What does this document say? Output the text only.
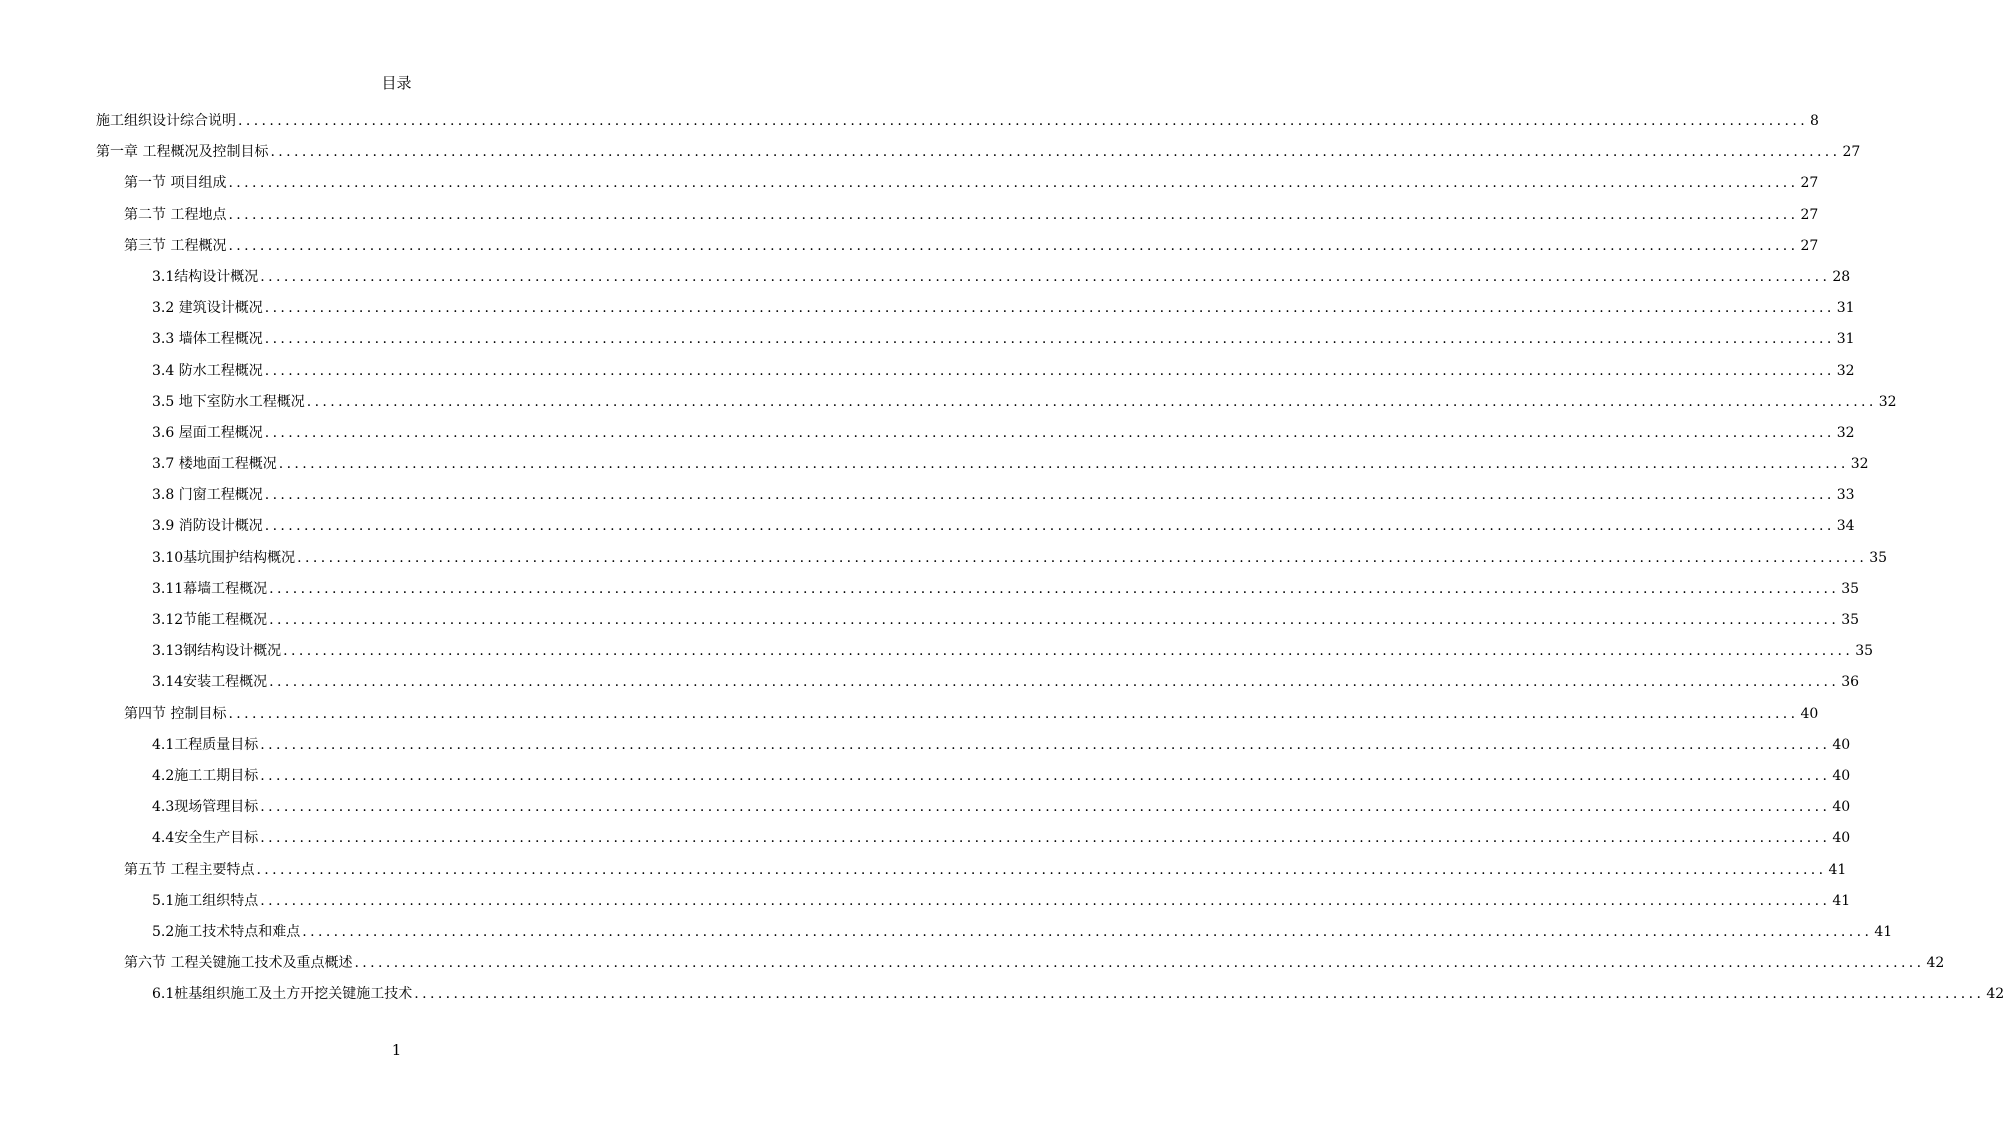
目录
施工组织设计综合说明 ........................................................................................................................................................................................................ 8
第一章 工程概况及控制目标 ........................................................................................................................................................................................................ 27
第一节 项目组成 ........................................................................................................................................................................................................ 27
第二节 工程地点 ........................................................................................................................................................................................................ 27
第三节 工程概况 ........................................................................................................................................................................................................ 27
3.1结构设计概况 ........................................................................................................................................................................................................ 28
3.2 建筑设计概况 ........................................................................................................................................................................................................ 31
3.3 墙体工程概况 ........................................................................................................................................................................................................ 31
3.4 防水工程概况 ........................................................................................................................................................................................................ 32
3.5 地下室防水工程概况 ........................................................................................................................................................................................................ 32
3.6 屋面工程概况 ........................................................................................................................................................................................................ 32
3.7 楼地面工程概况 ........................................................................................................................................................................................................ 32
3.8 门窗工程概况 ........................................................................................................................................................................................................ 33
3.9 消防设计概况 ........................................................................................................................................................................................................ 34
3.10基坑围护结构概况 ........................................................................................................................................................................................................ 35
3.11幕墙工程概况 ........................................................................................................................................................................................................ 35
3.12节能工程概况 ........................................................................................................................................................................................................ 35
3.13钢结构设计概况 ........................................................................................................................................................................................................ 35
3.14安装工程概况 ........................................................................................................................................................................................................ 36
第四节 控制目标 ........................................................................................................................................................................................................ 40
4.1工程质量目标 ........................................................................................................................................................................................................ 40
4.2施工工期目标 ........................................................................................................................................................................................................ 40
4.3现场管理目标 ........................................................................................................................................................................................................ 40
4.4安全生产目标 ........................................................................................................................................................................................................ 40
第五节 工程主要特点 ........................................................................................................................................................................................................ 41
5.1施工组织特点 ........................................................................................................................................................................................................ 41
5.2施工技术特点和难点 ........................................................................................................................................................................................................ 41
第六节 工程关键施工技术及重点概述 ........................................................................................................................................................................................................ 42
6.1桩基组织施工及土方开挖关键施工技术 ........................................................................................................................................................................................................ 42
1
